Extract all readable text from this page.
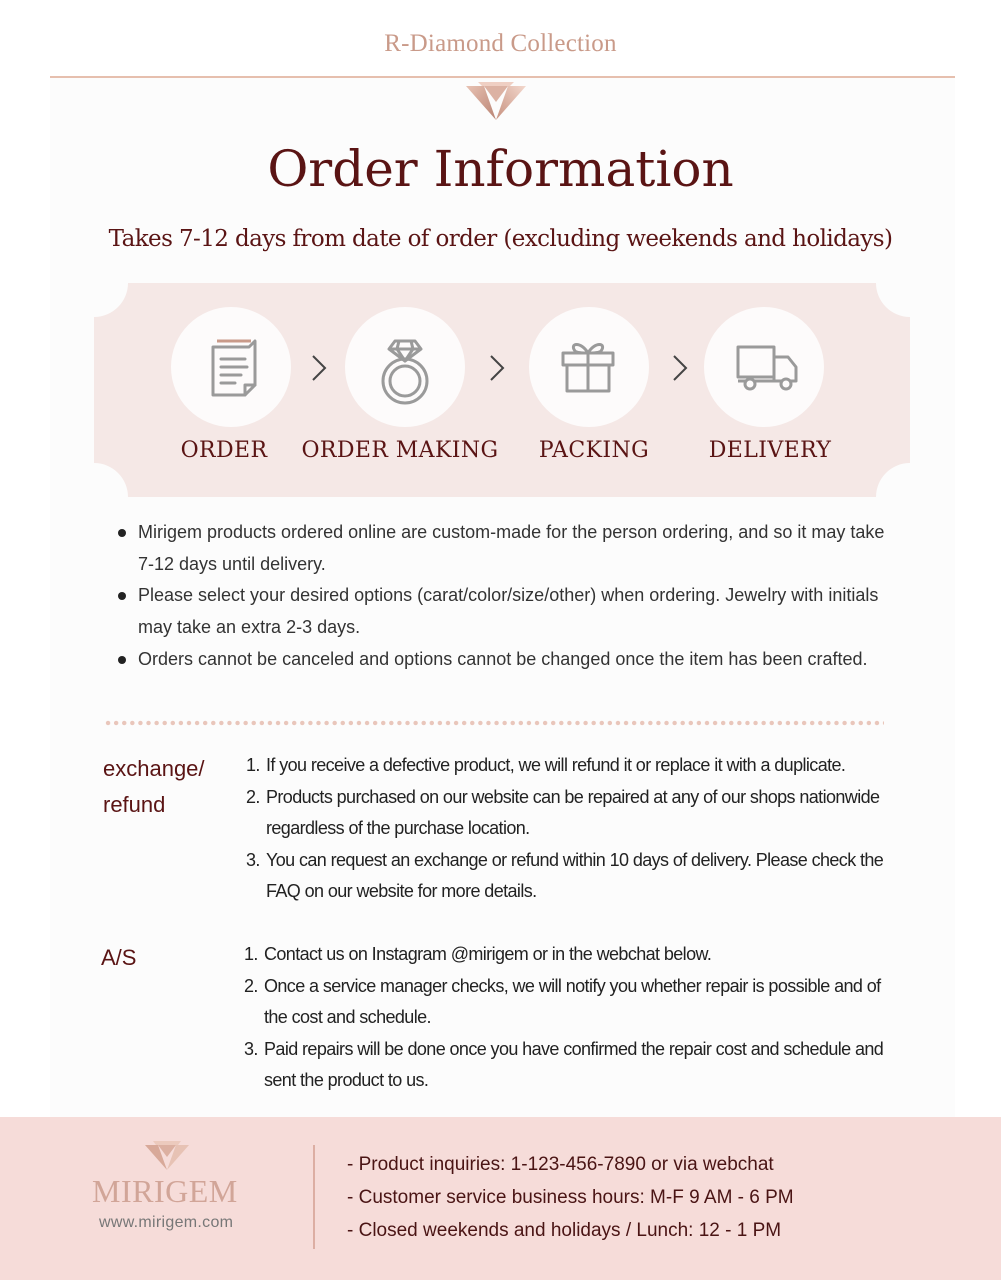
R-Diamond Collection
Order Information
Takes 7-12 days from date of order (excluding weekends and holidays)
ORDER	ORDER MAKING PACKING	DELIVERY
Mirigem products ordered online are custom-made for the person ordering, and so it may take 7-12 days until delivery.
Please select your desired options (carat/color/size/other) when ordering. Jewelry with initials may take an extra 2-3 days.
Orders cannot be canceled and options cannot be changed once the item has been crafted.
exchange/
refund
1. If you receive a defective product, we will refund it or replace it with a duplicate.
2. Products purchased on our website can be repaired at any of our shops nationwide regardless of the purchase location.
3. You can request an exchange or refund within 10 days of delivery. Please check the FAQ on our website for more details.
A/S	1. Contact us on Instagram @mirigem or in the webchat below.
2. Once a service manager checks, we will notify you whether repair is possible and of the cost and schedule.
3. Paid repairs will be done once you have confirmed the repair cost and schedule and sent the product to us.
MIRIGEM
www.mirigem.com
- Product inquiries: 1-123-456-7890 or via webchat
- Customer service business hours: M-F 9 AM - 6 PM
- Closed weekends and holidays / Lunch: 12 - 1 PM
